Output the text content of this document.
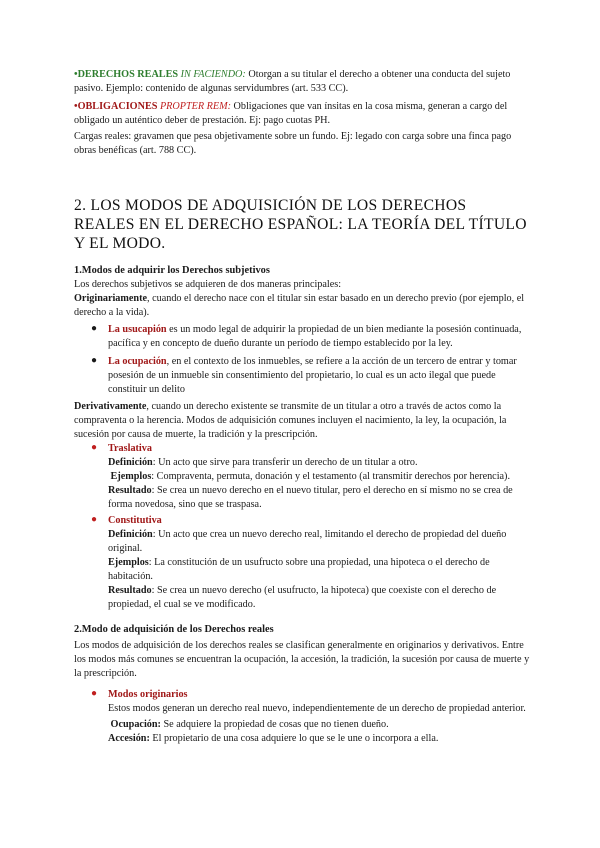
•DERECHOS REALES IN FACIENDO: Otorgan a su titular el derecho a obtener una conducta del sujeto pasivo. Ejemplo: contenido de algunas servidumbres (art. 533 CC).

•OBLIGACIONES PROPTER REM: Obligaciones que van ínsitas en la cosa misma, generan a cargo del obligado un auténtico deber de prestación. Ej: pago cuotas PH.

Cargas reales: gravamen que pesa objetivamente sobre un fundo. Ej: legado con carga sobre una finca pago obras benéficas (art. 788 CC).

2. LOS MODOS DE ADQUISICIÓN DE LOS DERECHOS REALES EN EL DERECHO ESPAÑOL: LA TEORÍA DEL TÍTULO Y EL MODO.
1.Modos de adquirir los Derechos subjetivos

Los derechos subjetivos se adquieren de dos maneras principales:

Originariamente, cuando el derecho nace con el titular sin estar basado en un derecho previo (por ejemplo, el derecho a la vida).

● La usucapión es un modo legal de adquirir la propiedad de un bien mediante la posesión continuada, pacífica y en concepto de dueño durante un período de tiempo establecido por la ley.

● La ocupación, en el contexto de los inmuebles, se refiere a la acción de un tercero de entrar y tomar posesión de un inmueble sin consentimiento del propietario, lo cual es un acto ilegal que puede constituir un delito

Derivativamente, cuando un derecho existente se transmite de un titular a otro a través de actos como la compraventa o la herencia. Modos de adquisición comunes incluyen el nacimiento, la ley, la ocupación, la sucesión por causa de muerte, la tradición y la prescripción.

● Traslativa

Definición: Un acto que sirve para transferir un derecho de un titular a otro.

Ejemplos: Compraventa, permuta, donación y el testamento (al transmitir derechos por herencia).

Resultado: Se crea un nuevo derecho en el nuevo titular, pero el derecho en sí mismo no se crea de forma novedosa, sino que se traspasa.

● Constitutiva

Definición: Un acto que crea un nuevo derecho real, limitando el derecho de propiedad del dueño original.

Ejemplos: La constitución de un usufructo sobre una propiedad, una hipoteca o el derecho de habitación.

Resultado: Se crea un nuevo derecho (el usufructo, la hipoteca) que coexiste con el derecho de propiedad, el cual se ve modificado.

2.Modo de adquisición de los Derechos reales

Los modos de adquisición de los derechos reales se clasifican generalmente en originarios y derivativos. Entre los modos más comunes se encuentran la ocupación, la accesión, la tradición, la sucesión por causa de muerte y la prescripción.

● Modos originarios

Estos modos generan un derecho real nuevo, independientemente de un derecho de propiedad anterior.

Ocupación: Se adquiere la propiedad de cosas que no tienen dueño.

Accesión: El propietario de una cosa adquiere lo que se le une o incorpora a ella.
